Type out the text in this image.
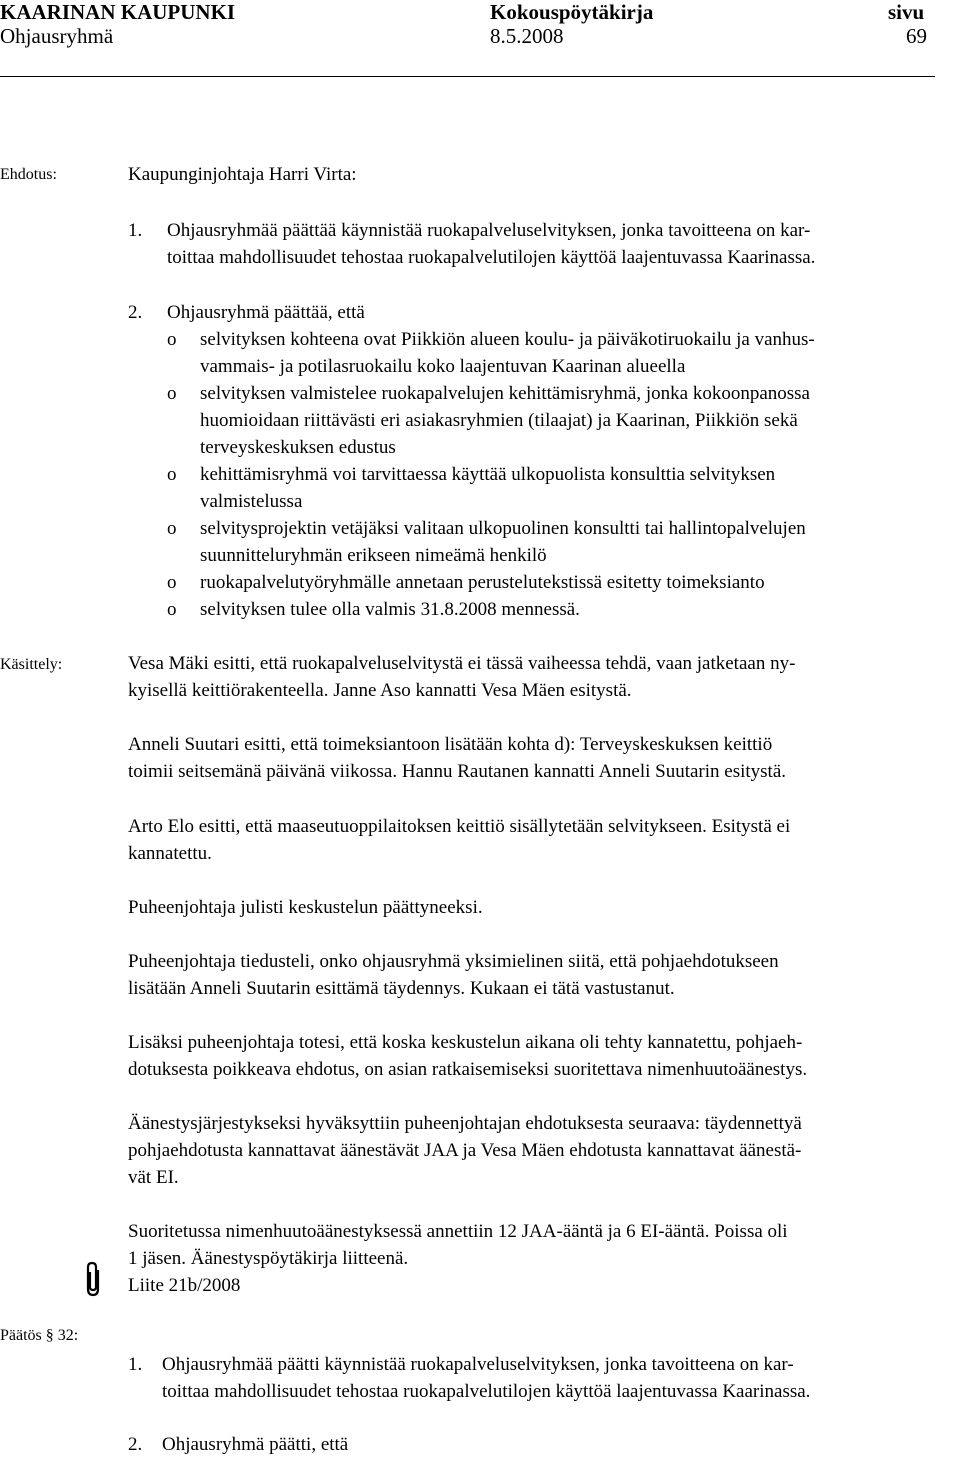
KAARINAN KAUPUNKI	Kokouspöytäkirja	sivu
Ohjausryhmä	8.5.2008	69
Ehdotus:	Kaupunginjohtaja Harri Virta:
1. Ohjausryhmää päättää käynnistää ruokapalveluselvityksen, jonka tavoitteena on kar-
toittaa mahdollisuudet tehostaa ruokapalvelutilojen käyttöä laajentuvassa Kaarinassa.
2. Ohjausryhmä päättää, että
o selvityksen kohteena ovat Piikkiön alueen koulu- ja päiväkotiruokailu ja vanhus-
vammais- ja potilasruokailu koko laajentuvan Kaarinan alueella
o selvityksen valmistelee ruokapalvelujen kehittämisryhmä, jonka kokoonpanossa
huomioidaan riittävästi eri asiakasryhmien (tilaajat) ja Kaarinan, Piikkiön sekä
terveyskeskuksen edustus
o kehittämisryhmä voi tarvittaessa käyttää ulkopuolista konsulttia selvityksen
valmistelussa
o selvitysprojektin vetäjäksi valitaan ulkopuolinen konsultti tai hallintopalvelujen
suunnitteluryhmän erikseen nimeämä henkilö
o ruokapalvelutyöryhmälle annetaan perustelutekstissä esitetty toimeksianto
o selvityksen tulee olla valmis 31.8.2008 mennessä.
Käsittely:	Vesa Mäki esitti, että ruokapalveluselvitystä ei tässä vaiheessa tehdä, vaan jatketaan ny-
kyisellä keittiörakenteella. Janne Aso kannatti Vesa Mäen esitystä.
Anneli Suutari esitti, että toimeksiantoon lisätään kohta d): Terveyskeskuksen keittiö
toimii seitsemänä päivänä viikossa. Hannu Rautanen kannatti Anneli Suutarin esitystä.
Arto Elo esitti, että maaseutuoppilaitoksen keittiö sisällytetään selvitykseen. Esitystä ei
kannatettu.
Puheenjohtaja julisti keskustelun päättyneeksi.
Puheenjohtaja tiedusteli, onko ohjausryhmä yksimielinen siitä, että pohjaehdotukseen
lisätään Anneli Suutarin esittämä täydennys. Kukaan ei tätä vastustanut.
Lisäksi puheenjohtaja totesi, että koska keskustelun aikana oli tehty kannatettu, pohjaeh-
dotuksesta poikkeava ehdotus, on asian ratkaisemiseksi suoritettava nimenhuutoäänestys.
Äänestysjärjestykseksi hyväksyttiin puheenjohtajan ehdotuksesta seuraava: täydennettyä
pohjaehdotusta kannattavat äänestävät JAA ja Vesa Mäen ehdotusta kannattavat äänestä-
vät EI.
Suoritetussa nimenhuutoäänestyksessä annettiin 12 JAA-ääntä ja 6 EI-ääntä. Poissa oli
1 jäsen. Äänestyspöytäkirja liitteenä.
Liite 21b/2008
Päätös § 32:
1. Ohjausryhmää päätti käynnistää ruokapalveluselvityksen, jonka tavoitteena on kar-
toittaa mahdollisuudet tehostaa ruokapalvelutilojen käyttöä laajentuvassa Kaarinassa.
2. Ohjausryhmä päätti, että
